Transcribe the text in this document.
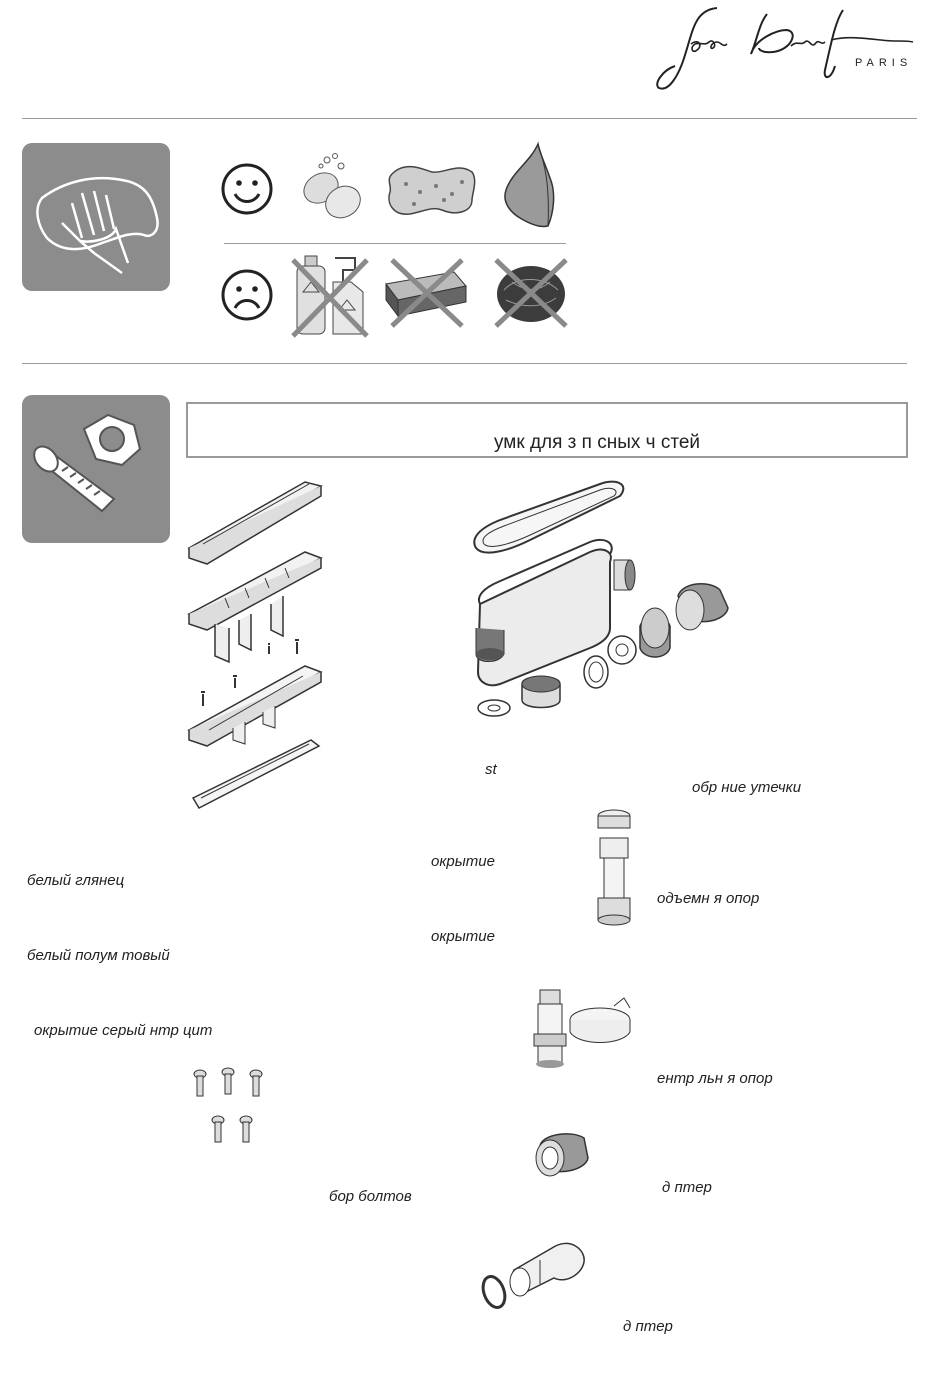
PARIS
умк для з п сных ч стей
st
обр ние утечки
окрытие
белый глянец
одъемн я опор
окрытие
белый полум товый
окрытие серый нтр цит
ентр льн я опор
д птер
бор болтов
д птер
